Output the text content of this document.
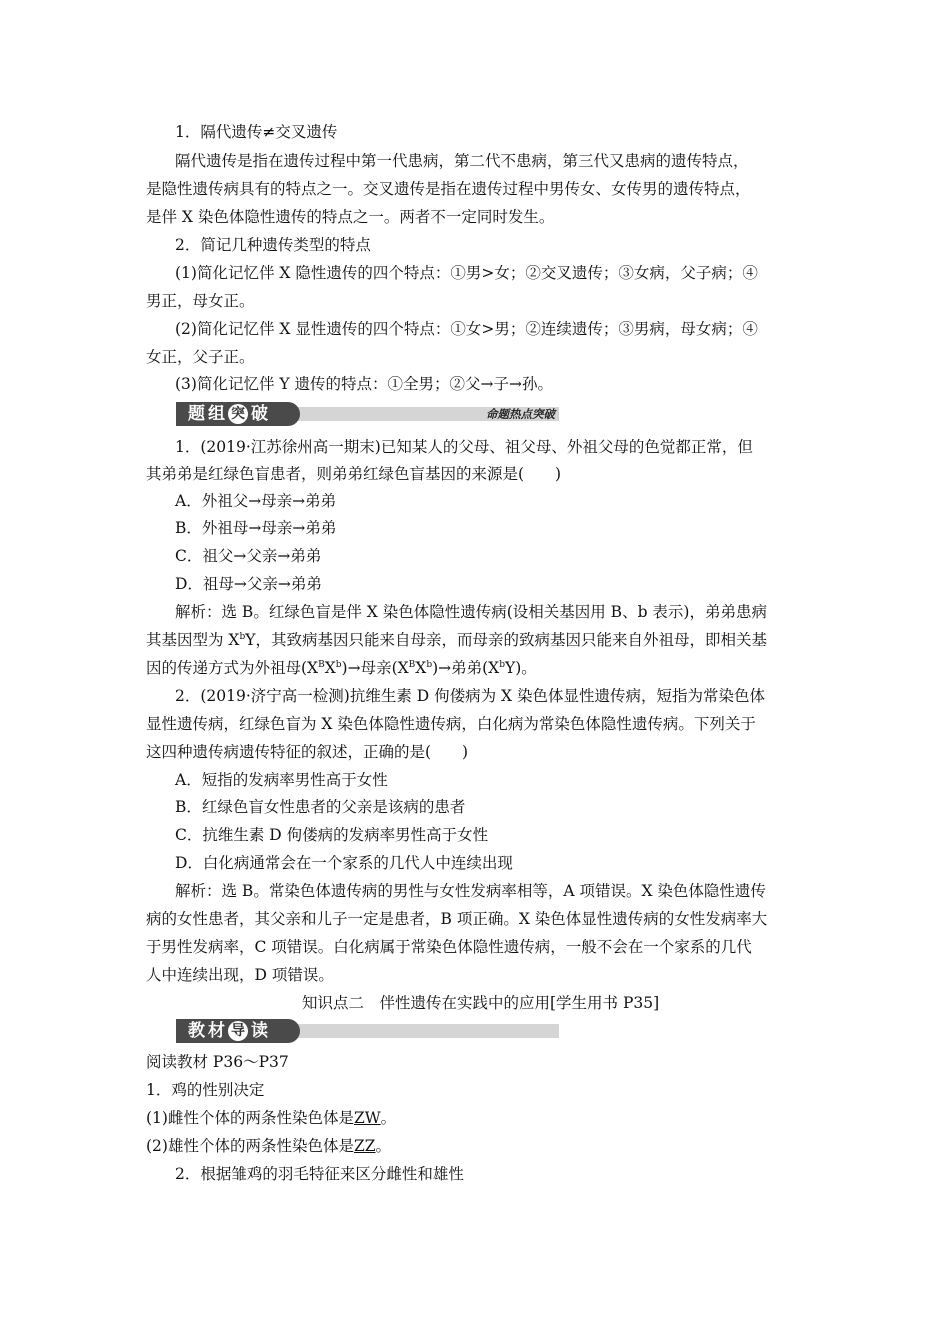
1．隔代遗传≠交叉遗传
隔代遗传是指在遗传过程中第一代患病，第二代不患病，第三代又患病的遗传特点，
是隐性遗传病具有的特点之一。交叉遗传是指在遗传过程中男传女、女传男的遗传特点，
是伴 X 染色体隐性遗传的特点之一。两者不一定同时发生。
2．简记几种遗传类型的特点
(1)简化记忆伴 X 隐性遗传的四个特点：①男>女；②交叉遗传；③女病，父子病；④
男正，母女正。
(2)简化记忆伴 X 显性遗传的四个特点：①女>男；②连续遗传；③男病，母女病；④
女正，父子正。
(3)简化记忆伴 Y 遗传的特点：①全男；②父→子→孙。
题组 突 破	命题热点突破
1．(2019·江苏徐州高一期末)已知某人的父母、祖父母、外祖父母的色觉都正常，但
其弟弟是红绿色盲患者，则弟弟红绿色盲基因的来源是(　　)
A．外祖父→母亲→弟弟
B．外祖母→母亲→弟弟
C．祖父→父亲→弟弟
D．祖母→父亲→弟弟
解析：选 B。红绿色盲是伴 X 染色体隐性遗传病(设相关基因用 B、b 表示)，弟弟患病
其基因型为 $X^bY$，其致病基因只能来自母亲，而母亲的致病基因只能来自外祖母，即相关基
因的传递方式为外祖母$(X^BX^b)\to$母亲$(X^BX^b)\to$弟弟$(X^bY)$。
2．(2019·济宁高一检测)抗维生素 D 佝偻病为 X 染色体显性遗传病，短指为常染色体
显性遗传病，红绿色盲为 X 染色体隐性遗传病，白化病为常染色体隐性遗传病。下列关于
这四种遗传病遗传特征的叙述，正确的是(　　)
A．短指的发病率男性高于女性
B．红绿色盲女性患者的父亲是该病的患者
C．抗维生素 D 佝偻病的发病率男性高于女性
D．白化病通常会在一个家系的几代人中连续出现
解析：选 B。常染色体遗传病的男性与女性发病率相等，A 项错误。X 染色体隐性遗传
病的女性患者，其父亲和儿子一定是患者，B 项正确。X 染色体显性遗传病的女性发病率大
于男性发病率，C 项错误。白化病属于常染色体隐性遗传病，一般不会在一个家系的几代
人中连续出现，D 项错误。
知识点二　伴性遗传在实践中的应用[学生用书 P35]
教材 导 读
阅读教材 P36～P37
1．鸡的性别决定
(1)雌性个体的两条性染色体是ZW。
(2)雄性个体的两条性染色体是ZZ。
2．根据雏鸡的羽毛特征来区分雌性和雄性
